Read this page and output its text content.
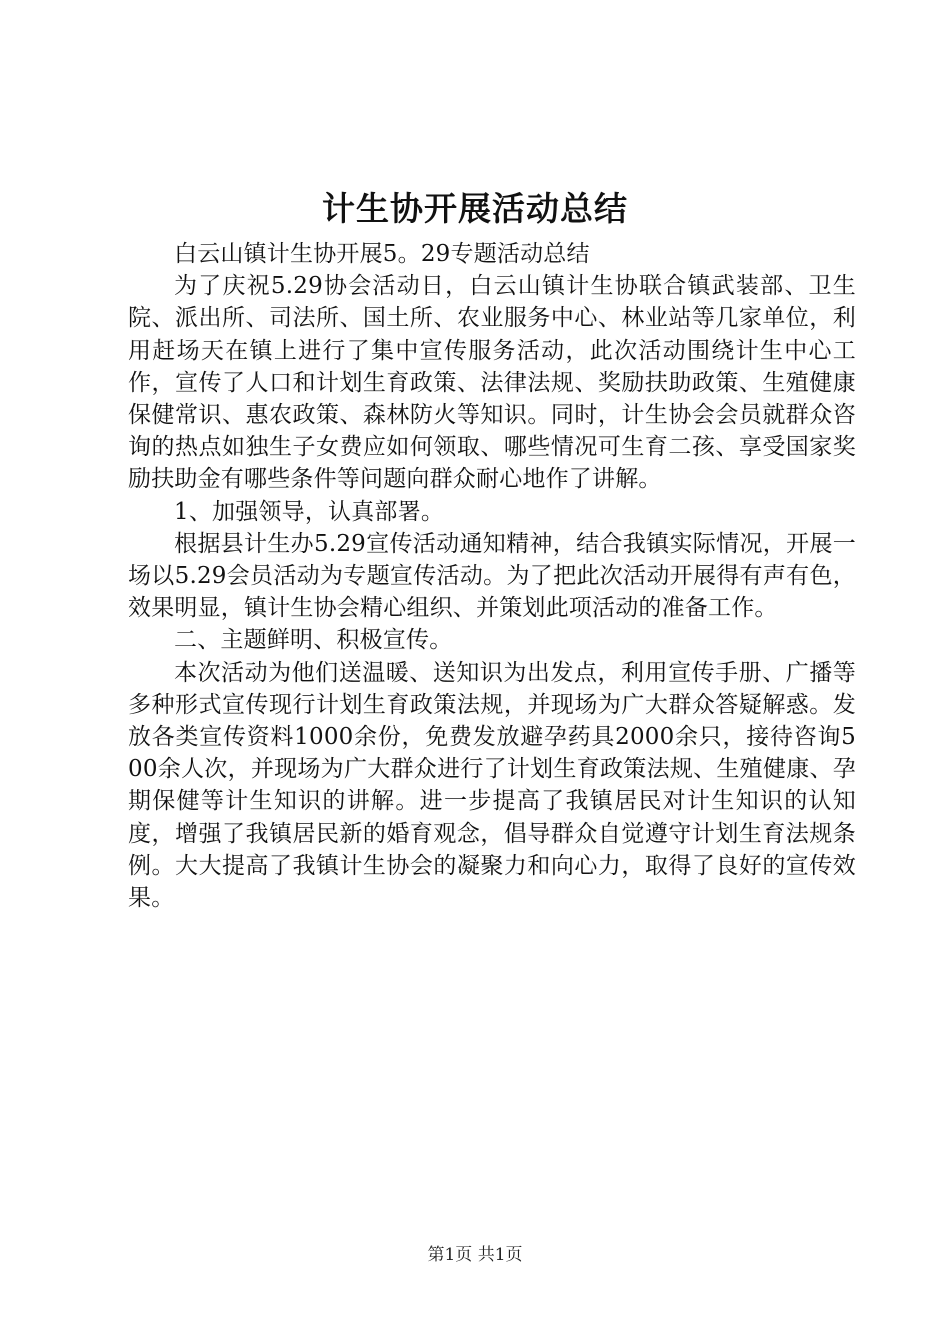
计生协开展活动总结

白云山镇计生协开展5。29专题活动总结

为了庆祝5.29协会活动日，白云山镇计生协联合镇武装部、卫生院、派出所、司法所、国土所、农业服务中心、林业站等几家单位，利用赶场天在镇上进行了集中宣传服务活动，此次活动围绕计生中心工作，宣传了人口和计划生育政策、法律法规、奖励扶助政策、生殖健康保健常识、惠农政策、森林防火等知识。同时，计生协会会员就群众咨询的热点如独生子女费应如何领取、哪些情况可生育二孩、享受国家奖励扶助金有哪些条件等问题向群众耐心地作了讲解。

1、加强领导，认真部署。

根据县计生办5.29宣传活动通知精神，结合我镇实际情况，开展一场以5.29会员活动为专题宣传活动。为了把此次活动开展得有声有色，效果明显，镇计生协会精心组织、并策划此项活动的准备工作。

二、主题鲜明、积极宣传。

本次活动为他们送温暖、送知识为出发点，利用宣传手册、广播等多种形式宣传现行计划生育政策法规，并现场为广大群众答疑解惑。发放各类宣传资料1000余份，免费发放避孕药具2000余只，接待咨询500余人次，并现场为广大群众进行了计划生育政策法规、生殖健康、孕期保健等计生知识的讲解。进一步提高了我镇居民对计生知识的认知度，增强了我镇居民新的婚育观念，倡导群众自觉遵守计划生育法规条例。大大提高了我镇计生协会的凝聚力和向心力，取得了良好的宣传效果。

第1页 共1页
